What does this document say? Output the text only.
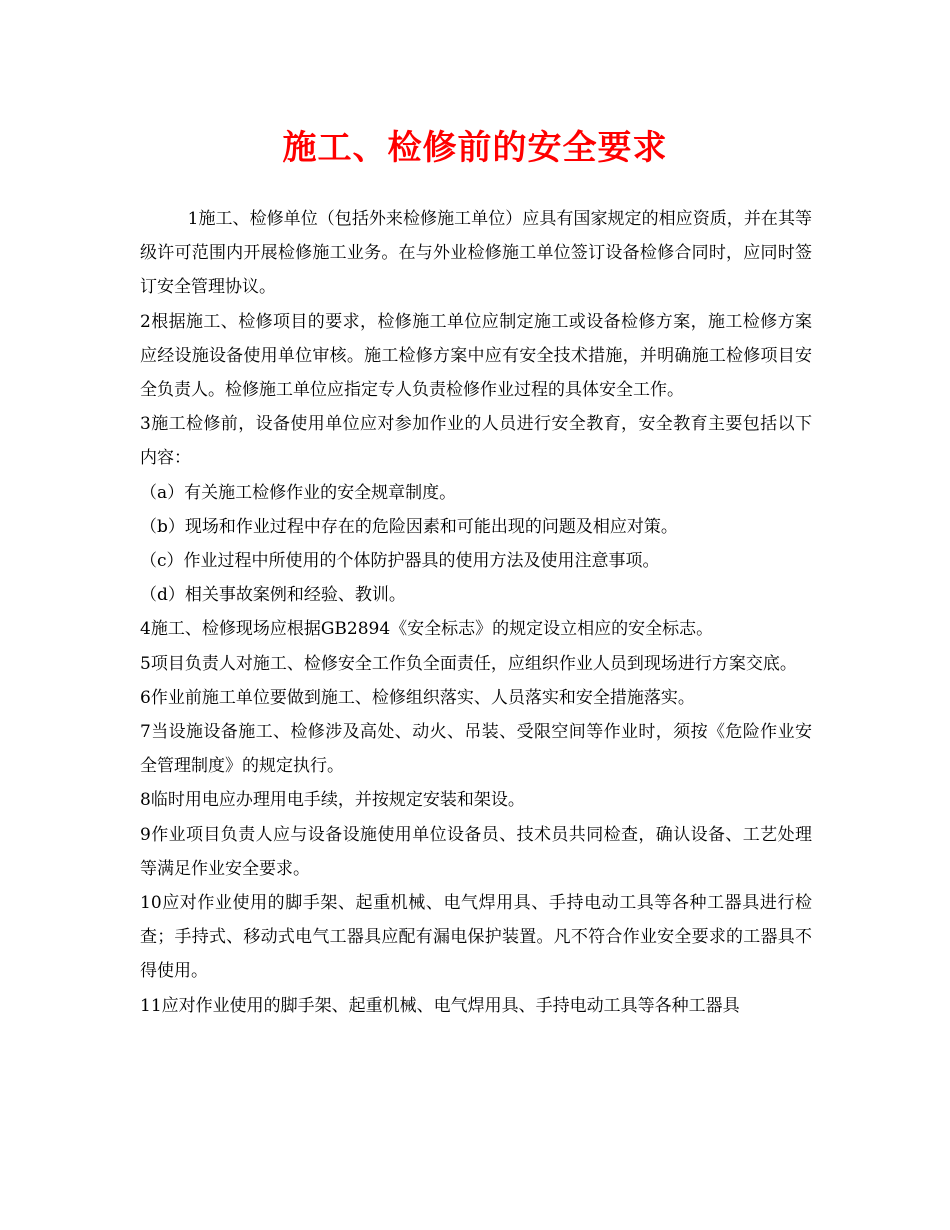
施工、检修前的安全要求

1施工、检修单位（包括外来检修施工单位）应具有国家规定的相应资质，并在其等级许可范围内开展检修施工业务。在与外业检修施工单位签订设备检修合同时，应同时签订安全管理协议。

2根据施工、检修项目的要求，检修施工单位应制定施工或设备检修方案，施工检修方案应经设施设备使用单位审核。施工检修方案中应有安全技术措施，并明确施工检修项目安全负责人。检修施工单位应指定专人负责检修作业过程的具体安全工作。

3施工检修前，设备使用单位应对参加作业的人员进行安全教育，安全教育主要包括以下内容：

（a）有关施工检修作业的安全规章制度。

（b）现场和作业过程中存在的危险因素和可能出现的问题及相应对策。

（c）作业过程中所使用的个体防护器具的使用方法及使用注意事项。

（d）相关事故案例和经验、教训。

4施工、检修现场应根据GB2894《安全标志》的规定设立相应的安全标志。

5项目负责人对施工、检修安全工作负全面责任，应组织作业人员到现场进行方案交底。

6作业前施工单位要做到施工、检修组织落实、人员落实和安全措施落实。

7当设施设备施工、检修涉及高处、动火、吊装、受限空间等作业时，须按《危险作业安全管理制度》的规定执行。

8临时用电应办理用电手续，并按规定安装和架设。

9作业项目负责人应与设备设施使用单位设备员、技术员共同检查，确认设备、工艺处理等满足作业安全要求。

10应对作业使用的脚手架、起重机械、电气焊用具、手持电动工具等各种工器具进行检查；手持式、移动式电气工器具应配有漏电保护装置。凡不符合作业安全要求的工器具不得使用。

11应对作业使用的脚手架、起重机械、电气焊用具、手持电动工具等各种工器具
